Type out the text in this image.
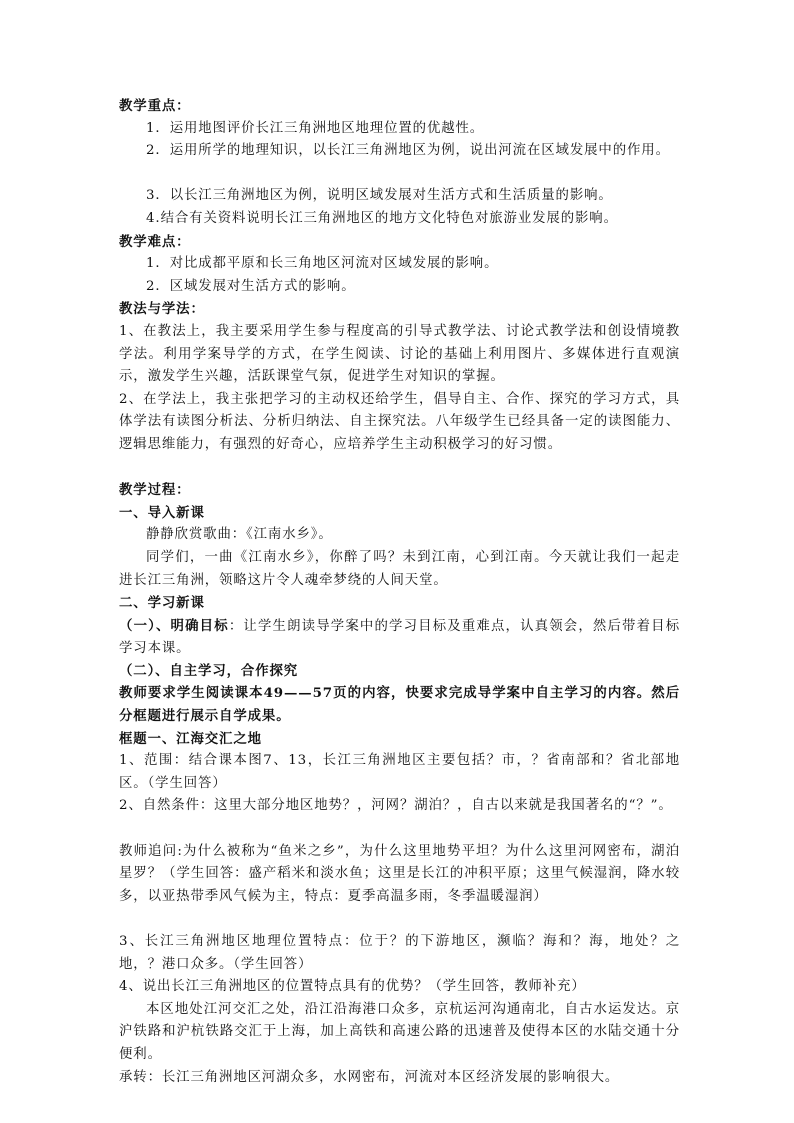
教学重点：
1．运用地图评价长江三角洲地区地理位置的优越性。
2．运用所学的地理知识，以长江三角洲地区为例，说出河流在区域发展中的作用。
3．以长江三角洲地区为例，说明区域发展对生活方式和生活质量的影响。
4.结合有关资料说明长江三角洲地区的地方文化特色对旅游业发展的影响。
教学难点：
1．对比成都平原和长三角地区河流对区域发展的影响。
2．区域发展对生活方式的影响。
教法与学法：
1、在教法上，我主要采用学生参与程度高的引导式教学法、讨论式教学法和创设情境教学法。利用学案导学的方式，在学生阅读、讨论的基础上利用图片、多媒体进行直观演示，激发学生兴趣，活跃课堂气氛，促进学生对知识的掌握。
2、在学法上，我主张把学习的主动权还给学生，倡导自主、合作、探究的学习方式，具体学法有读图分析法、分析归纳法、自主探究法。八年级学生已经具备一定的读图能力、逻辑思维能力，有强烈的好奇心，应培养学生主动积极学习的好习惯。
教学过程：
一、导入新课
静静欣赏歌曲：《江南水乡》。
同学们，一曲《江南水乡》，你醉了吗？未到江南，心到江南。今天就让我们一起走进长江三角洲，领略这片令人魂牵梦绕的人间天堂。
二、学习新课
（一）、明确目标：让学生朗读导学案中的学习目标及重难点，认真领会，然后带着目标学习本课。
（二）、自主学习，合作探究
教师要求学生阅读课本49——57页的内容，快要求完成导学案中自主学习的内容。然后分框题进行展示自学成果。
框题一、江海交汇之地
1、范围：结合课本图7、13，长江三角洲地区主要包括？市，？省南部和？省北部地区。（学生回答）
2、自然条件：这里大部分地区地势？，河网？湖泊？，自古以来就是我国著名的“？”。
教师追问:为什么被称为“鱼米之乡”，为什么这里地势平坦？为什么这里河网密布，湖泊星罗？（学生回答：盛产稻米和淡水鱼；这里是长江的冲积平原；这里气候湿润，降水较多，以亚热带季风气候为主，特点：夏季高温多雨，冬季温暖湿润）
3、长江三角洲地区地理位置特点：位于？的下游地区，濒临？海和？海，地处？之地，？港口众多。（学生回答）
4、说出长江三角洲地区的位置特点具有的优势？（学生回答，教师补充）
本区地处江河交汇之处，沿江沿海港口众多，京杭运河沟通南北，自古水运发达。京沪铁路和沪杭铁路交汇于上海，加上高铁和高速公路的迅速普及使得本区的水陆交通十分便利。
承转：长江三角洲地区河湖众多，水网密布，河流对本区经济发展的影响很大。
